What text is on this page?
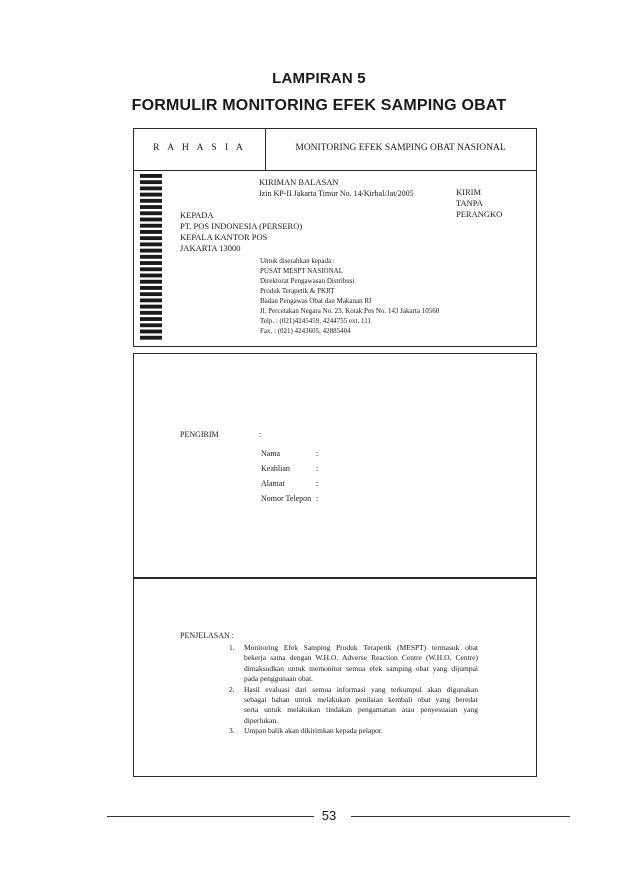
LAMPIRAN 5
FORMULIR MONITORING EFEK SAMPING OBAT
R A H A S I A	MONITORING EFEK SAMPING OBAT NASIONAL
KIRIMAN BALASAN
Izin KP-II Jakarta Timur No. 14/Kirbal/Jat/2005	KIRIM
TANPA
PERANGKO
KEPADA
PT. POS INDONESIA (PERSERO)
KEPALA KANTOR POS
JAKARTA 13000
Untuk diserahkan kepada :
PUSAT MESPT NASIONAL
Direktorat Pengawasan Distribusi
Produk Terapetik & PKRT
Badan Pengawas Obat dan Makanan RI
Jl. Percetakan Negara No. 23, Kotak Pos No. 143 Jakarta 10560
Telp. : (021)4245459, 4244755 ext. 111
Fax. : (021) 4243605, 42885404
PENGIRIM	:
Nama	:
Keahlian	:
Alamat	:
Nomor Telepon :
PENJELASAN :
1. Monitoring Efek Samping Produk Terapetik (MESPT) termasuk obat
bekerja sama dengan W.H.O. Adverse Reaction Centre (W.H.O. Centre)
dimaksudkan untuk memonitor semua efek samping obat yang dijumpai
pada penggunaan obat.
2. Hasil evaluasi dari semua informasi yang terkumpul akan digunakan
sebagai bahan untuk melakukan penilaian kembali obat yang beredar
serta untuk melakukan tindakan pengamanan atau penyesuaian yang
diperlukan.
3. Umpan balik akan dikirimkan kepada pelapor.
53
